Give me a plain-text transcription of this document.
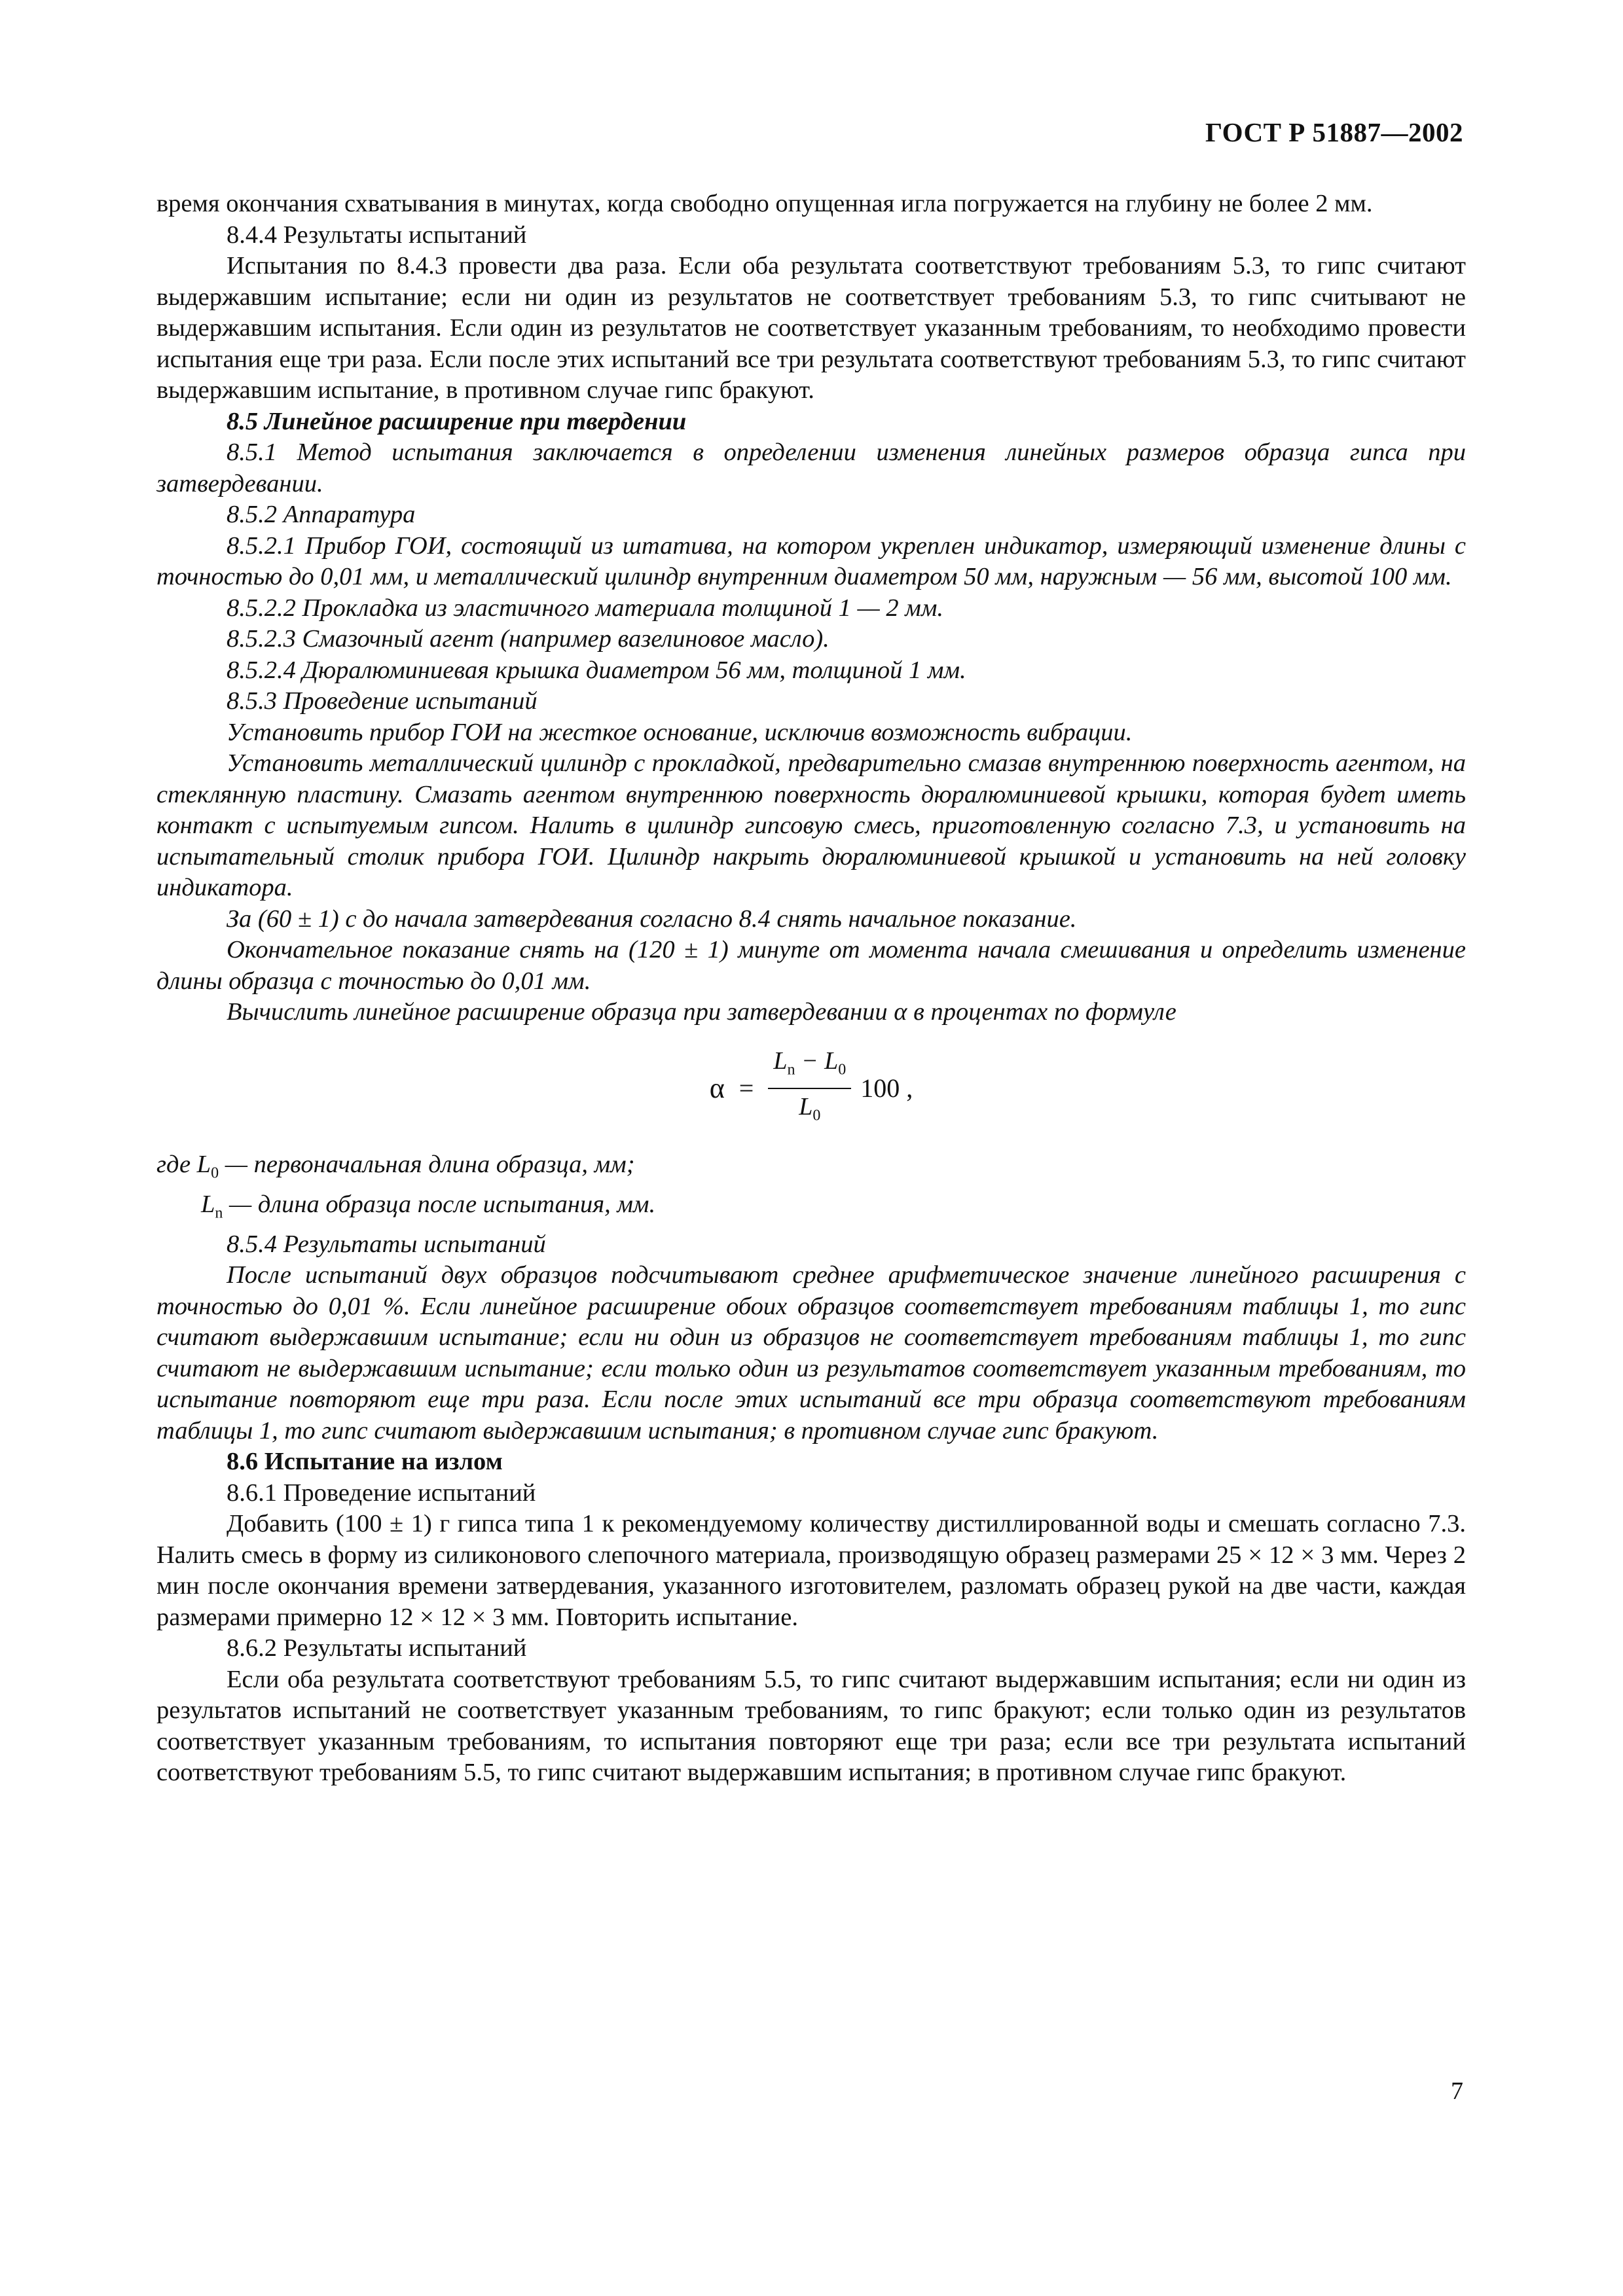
ГОСТ Р 51887—2002

время окончания схватывания в минутах, когда свободно опущенная игла погружается на глубину не более 2 мм.

8.4.4 Результаты испытаний

Испытания по 8.4.3 провести два раза. Если оба результата соответствуют требованиям 5.3, то гипс считают выдержавшим испытание; если ни один из результатов не соответствует требованиям 5.3, то гипс считывают не выдержавшим испытания. Если один из результатов не соответствует указанным требованиям, то необходимо провести испытания еще три раза. Если после этих испытаний все три результата соответствуют требованиям 5.3, то гипс считают выдержавшим испытание, в противном случае гипс бракуют.

8.5 Линейное расширение при твердении

8.5.1 Метод испытания заключается в определении изменения линейных размеров образца гипса при затвердевании.

8.5.2 Аппаратура

8.5.2.1 Прибор ГОИ, состоящий из штатива, на котором укреплен индикатор, измеряющий изменение длины с точностью до 0,01 мм, и металлический цилиндр внутренним диаметром 50 мм, наружным — 56 мм, высотой 100 мм.

8.5.2.2 Прокладка из эластичного материала толщиной 1 — 2 мм.

8.5.2.3 Смазочный агент (например вазелиновое масло).

8.5.2.4 Дюралюминиевая крышка диаметром 56 мм, толщиной 1 мм.

8.5.3 Проведение испытаний

Установить прибор ГОИ на жесткое основание, исключив возможность вибрации.

Установить металлический цилиндр с прокладкой, предварительно смазав внутреннюю поверхность агентом, на стеклянную пластину. Смазать агентом внутреннюю поверхность дюралюминиевой крышки, которая будет иметь контакт с испытуемым гипсом. Налить в цилиндр гипсовую смесь, приготовленную согласно 7.3, и установить на испытательный столик прибора ГОИ. Цилиндр накрыть дюралюминиевой крышкой и установить на ней головку индикатора.

За (60 ± 1) с до начала затвердевания согласно 8.4 снять начальное показание.

Окончательное показание снять на (120 ± 1) минуте от момента начала смешивания и определить изменение длины образца с точностью до 0,01 мм.

Вычислить линейное расширение образца при затвердевании α в процентах по формуле

$\alpha = \frac{L_n - L_0}{L_0} 100$ ,

где $L_0$ — первоначальная длина образца, мм;

$L_n$ — длина образца после испытания, мм.

8.5.4 Результаты испытаний

После испытаний двух образцов подсчитывают среднее арифметическое значение линейного расширения с точностью до 0,01 %. Если линейное расширение обоих образцов соответствует требованиям таблицы 1, то гипс считают выдержавшим испытание; если ни один из образцов не соответствует требованиям таблицы 1, то гипс считают не выдержавшим испытание; если только один из результатов соответствует указанным требованиям, то испытание повторяют еще три раза. Если после этих испытаний все три образца соответствуют требованиям таблицы 1, то гипс считают выдержавшим испытания; в противном случае гипс бракуют.

8.6 Испытание на излом

8.6.1 Проведение испытаний

Добавить (100 ± 1) г гипса типа 1 к рекомендуемому количеству дистиллированной воды и смешать согласно 7.3. Налить смесь в форму из силиконового слепочного материала, производящую образец размерами 25 × 12 × 3 мм. Через 2 мин после окончания времени затвердевания, указанного изготовителем, разломать образец рукой на две части, каждая размерами примерно 12 × 12 × 3 мм. Повторить испытание.

8.6.2 Результаты испытаний

Если оба результата соответствуют требованиям 5.5, то гипс считают выдержавшим испытания; если ни один из результатов испытаний не соответствует указанным требованиям, то гипс бракуют; если только один из результатов соответствует указанным требованиям, то испытания повторяют еще три раза; если все три результата испытаний соответствуют требованиям 5.5, то гипс считают выдержавшим испытания; в противном случае гипс бракуют.

7
